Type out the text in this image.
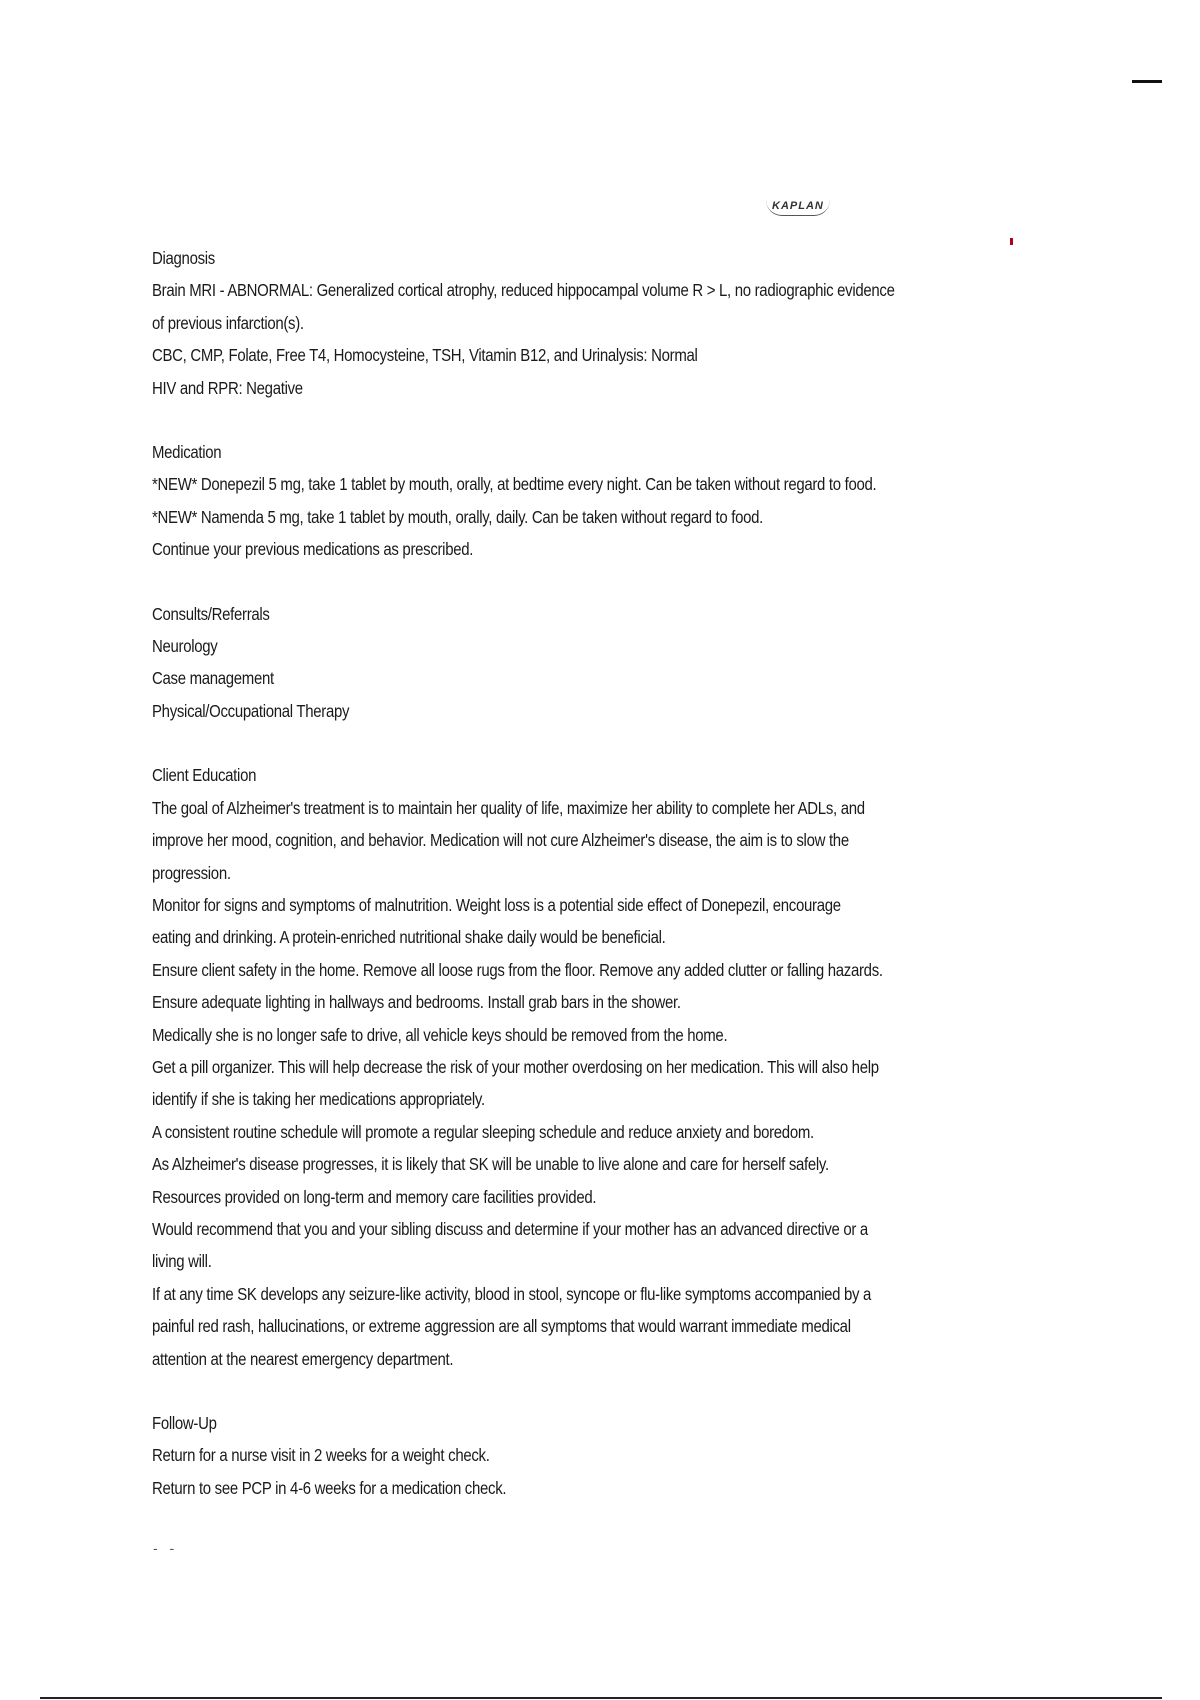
KAPLAN
Diagnosis
Brain MRI - ABNORMAL: Generalized cortical atrophy, reduced hippocampal volume R > L, no radiographic evidence
of previous infarction(s).
CBC, CMP, Folate, Free T4, Homocysteine, TSH, Vitamin B12, and Urinalysis: Normal
HIV and RPR: Negative
Medication
*NEW* Donepezil 5 mg, take 1 tablet by mouth, orally, at bedtime every night. Can be taken without regard to food.
*NEW* Namenda 5 mg, take 1 tablet by mouth, orally, daily. Can be taken without regard to food.
Continue your previous medications as prescribed.
Consults/Referrals
Neurology
Case management
Physical/Occupational Therapy
Client Education
The goal of Alzheimer's treatment is to maintain her quality of life, maximize her ability to complete her ADLs, and
improve her mood, cognition, and behavior. Medication will not cure Alzheimer's disease, the aim is to slow the
progression.
Monitor for signs and symptoms of malnutrition. Weight loss is a potential side effect of Donepezil, encourage
eating and drinking. A protein-enriched nutritional shake daily would be beneficial.
Ensure client safety in the home. Remove all loose rugs from the floor. Remove any added clutter or falling hazards.
Ensure adequate lighting in hallways and bedrooms. Install grab bars in the shower.
Medically she is no longer safe to drive, all vehicle keys should be removed from the home.
Get a pill organizer. This will help decrease the risk of your mother overdosing on her medication. This will also help
identify if she is taking her medications appropriately.
A consistent routine schedule will promote a regular sleeping schedule and reduce anxiety and boredom.
As Alzheimer's disease progresses, it is likely that SK will be unable to live alone and care for herself safely.
Resources provided on long-term and memory care facilities provided.
Would recommend that you and your sibling discuss and determine if your mother has an advanced directive or a
living will.
If at any time SK develops any seizure-like activity, blood in stool, syncope or flu-like symptoms accompanied by a
painful red rash, hallucinations, or extreme aggression are all symptoms that would warrant immediate medical
attention at the nearest emergency department.
Follow-Up
Return for a nurse visit in 2 weeks for a weight check.
Return to see PCP in 4-6 weeks for a medication check.
- -
